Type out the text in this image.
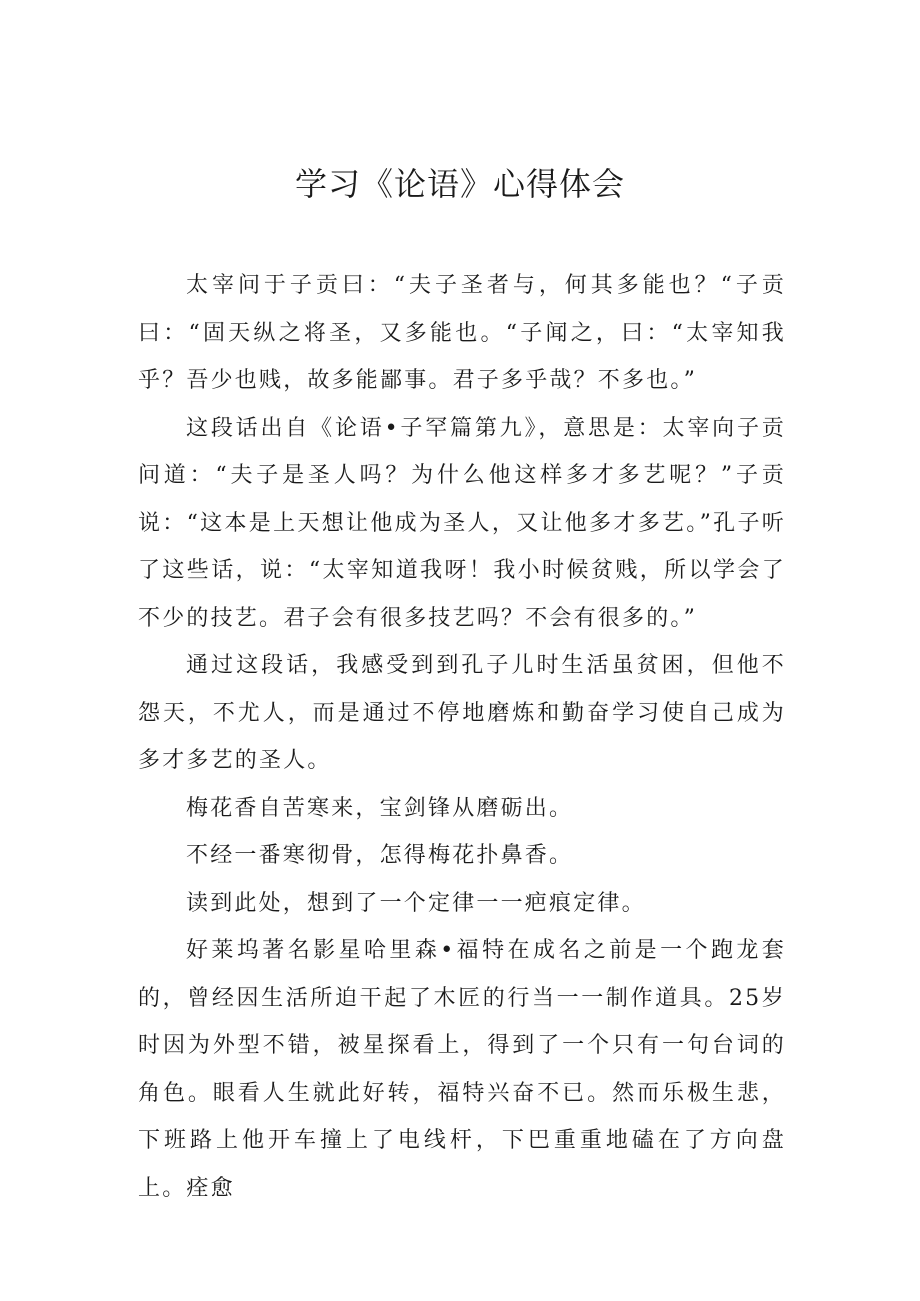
学习《论语》心得体会

太宰问于子贡曰：“夫子圣者与，何其多能也？“子贡曰：“固天纵之将圣，又多能也。“子闻之，曰：“太宰知我乎？吾少也贱，故多能鄙事。君子多乎哉？不多也。”

这段话出自《论语•子罕篇第九》，意思是：太宰向子贡问道：“夫子是圣人吗？为什么他这样多才多艺呢？”子贡说：“这本是上天想让他成为圣人，又让他多才多艺。”孔子听了这些话，说：“太宰知道我呀！我小时候贫贱，所以学会了不少的技艺。君子会有很多技艺吗？不会有很多的。”

通过这段话，我感受到到孔子儿时生活虽贫困，但他不怨天，不尤人，而是通过不停地磨炼和勤奋学习使自己成为多才多艺的圣人。

梅花香自苦寒来，宝剑锋从磨砺出。

不经一番寒彻骨，怎得梅花扑鼻香。

读到此处，想到了一个定律一一疤痕定律。

好莱坞著名影星哈里森•福特在成名之前是一个跑龙套的，曾经因生活所迫干起了木匠的行当一一制作道具。25岁时因为外型不错，被星探看上，得到了一个只有一句台词的角色。眼看人生就此好转，福特兴奋不已。然而乐极生悲，下班路上他开车撞上了电线杆，下巴重重地磕在了方向盘上。痊愈
